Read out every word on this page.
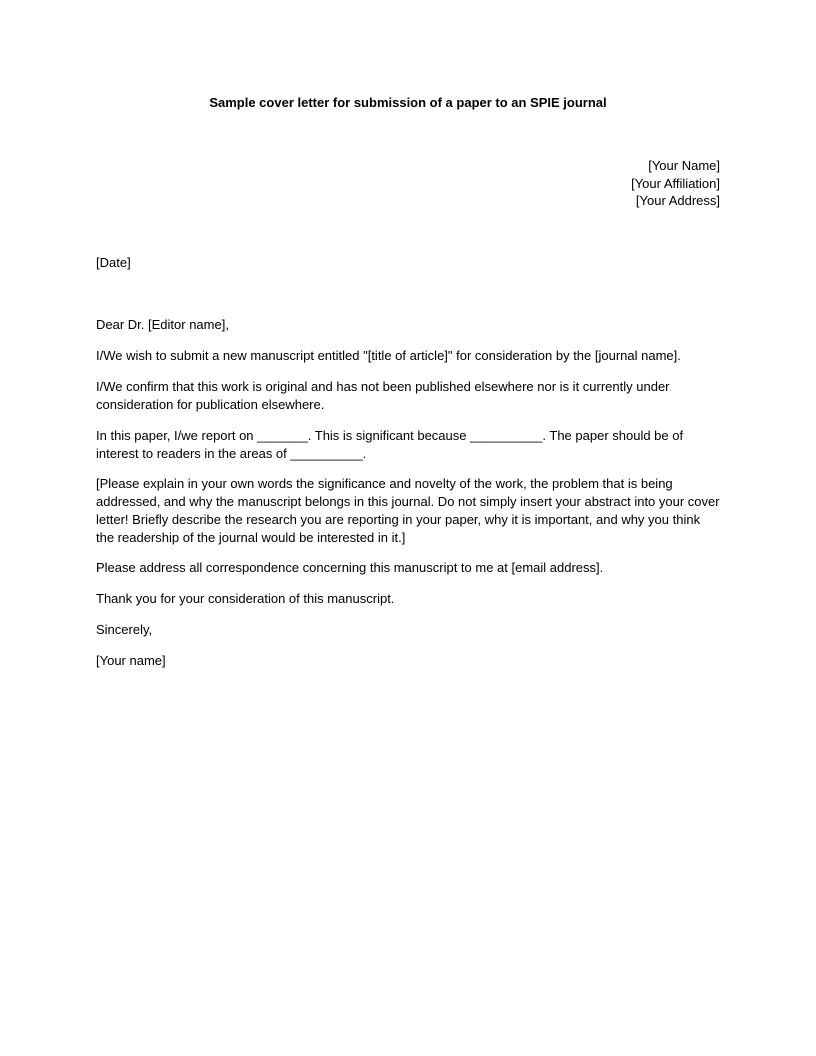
Sample cover letter for submission of a paper to an SPIE journal
[Your Name]
[Your Affiliation]
[Your Address]
[Date]
Dear Dr. [Editor name],
I/We wish to submit a new manuscript entitled "[title of article]" for consideration by the [journal name].
I/We confirm that this work is original and has not been published elsewhere nor is it currently under consideration for publication elsewhere.
In this paper, I/we report on _______. This is significant because __________. The paper should be of interest to readers in the areas of __________.
[Please explain in your own words the significance and novelty of the work, the problem that is being addressed, and why the manuscript belongs in this journal. Do not simply insert your abstract into your cover letter! Briefly describe the research you are reporting in your paper, why it is important, and why you think the readership of the journal would be interested in it.]
Please address all correspondence concerning this manuscript to me at [email address].
Thank you for your consideration of this manuscript.
Sincerely,
[Your name]
